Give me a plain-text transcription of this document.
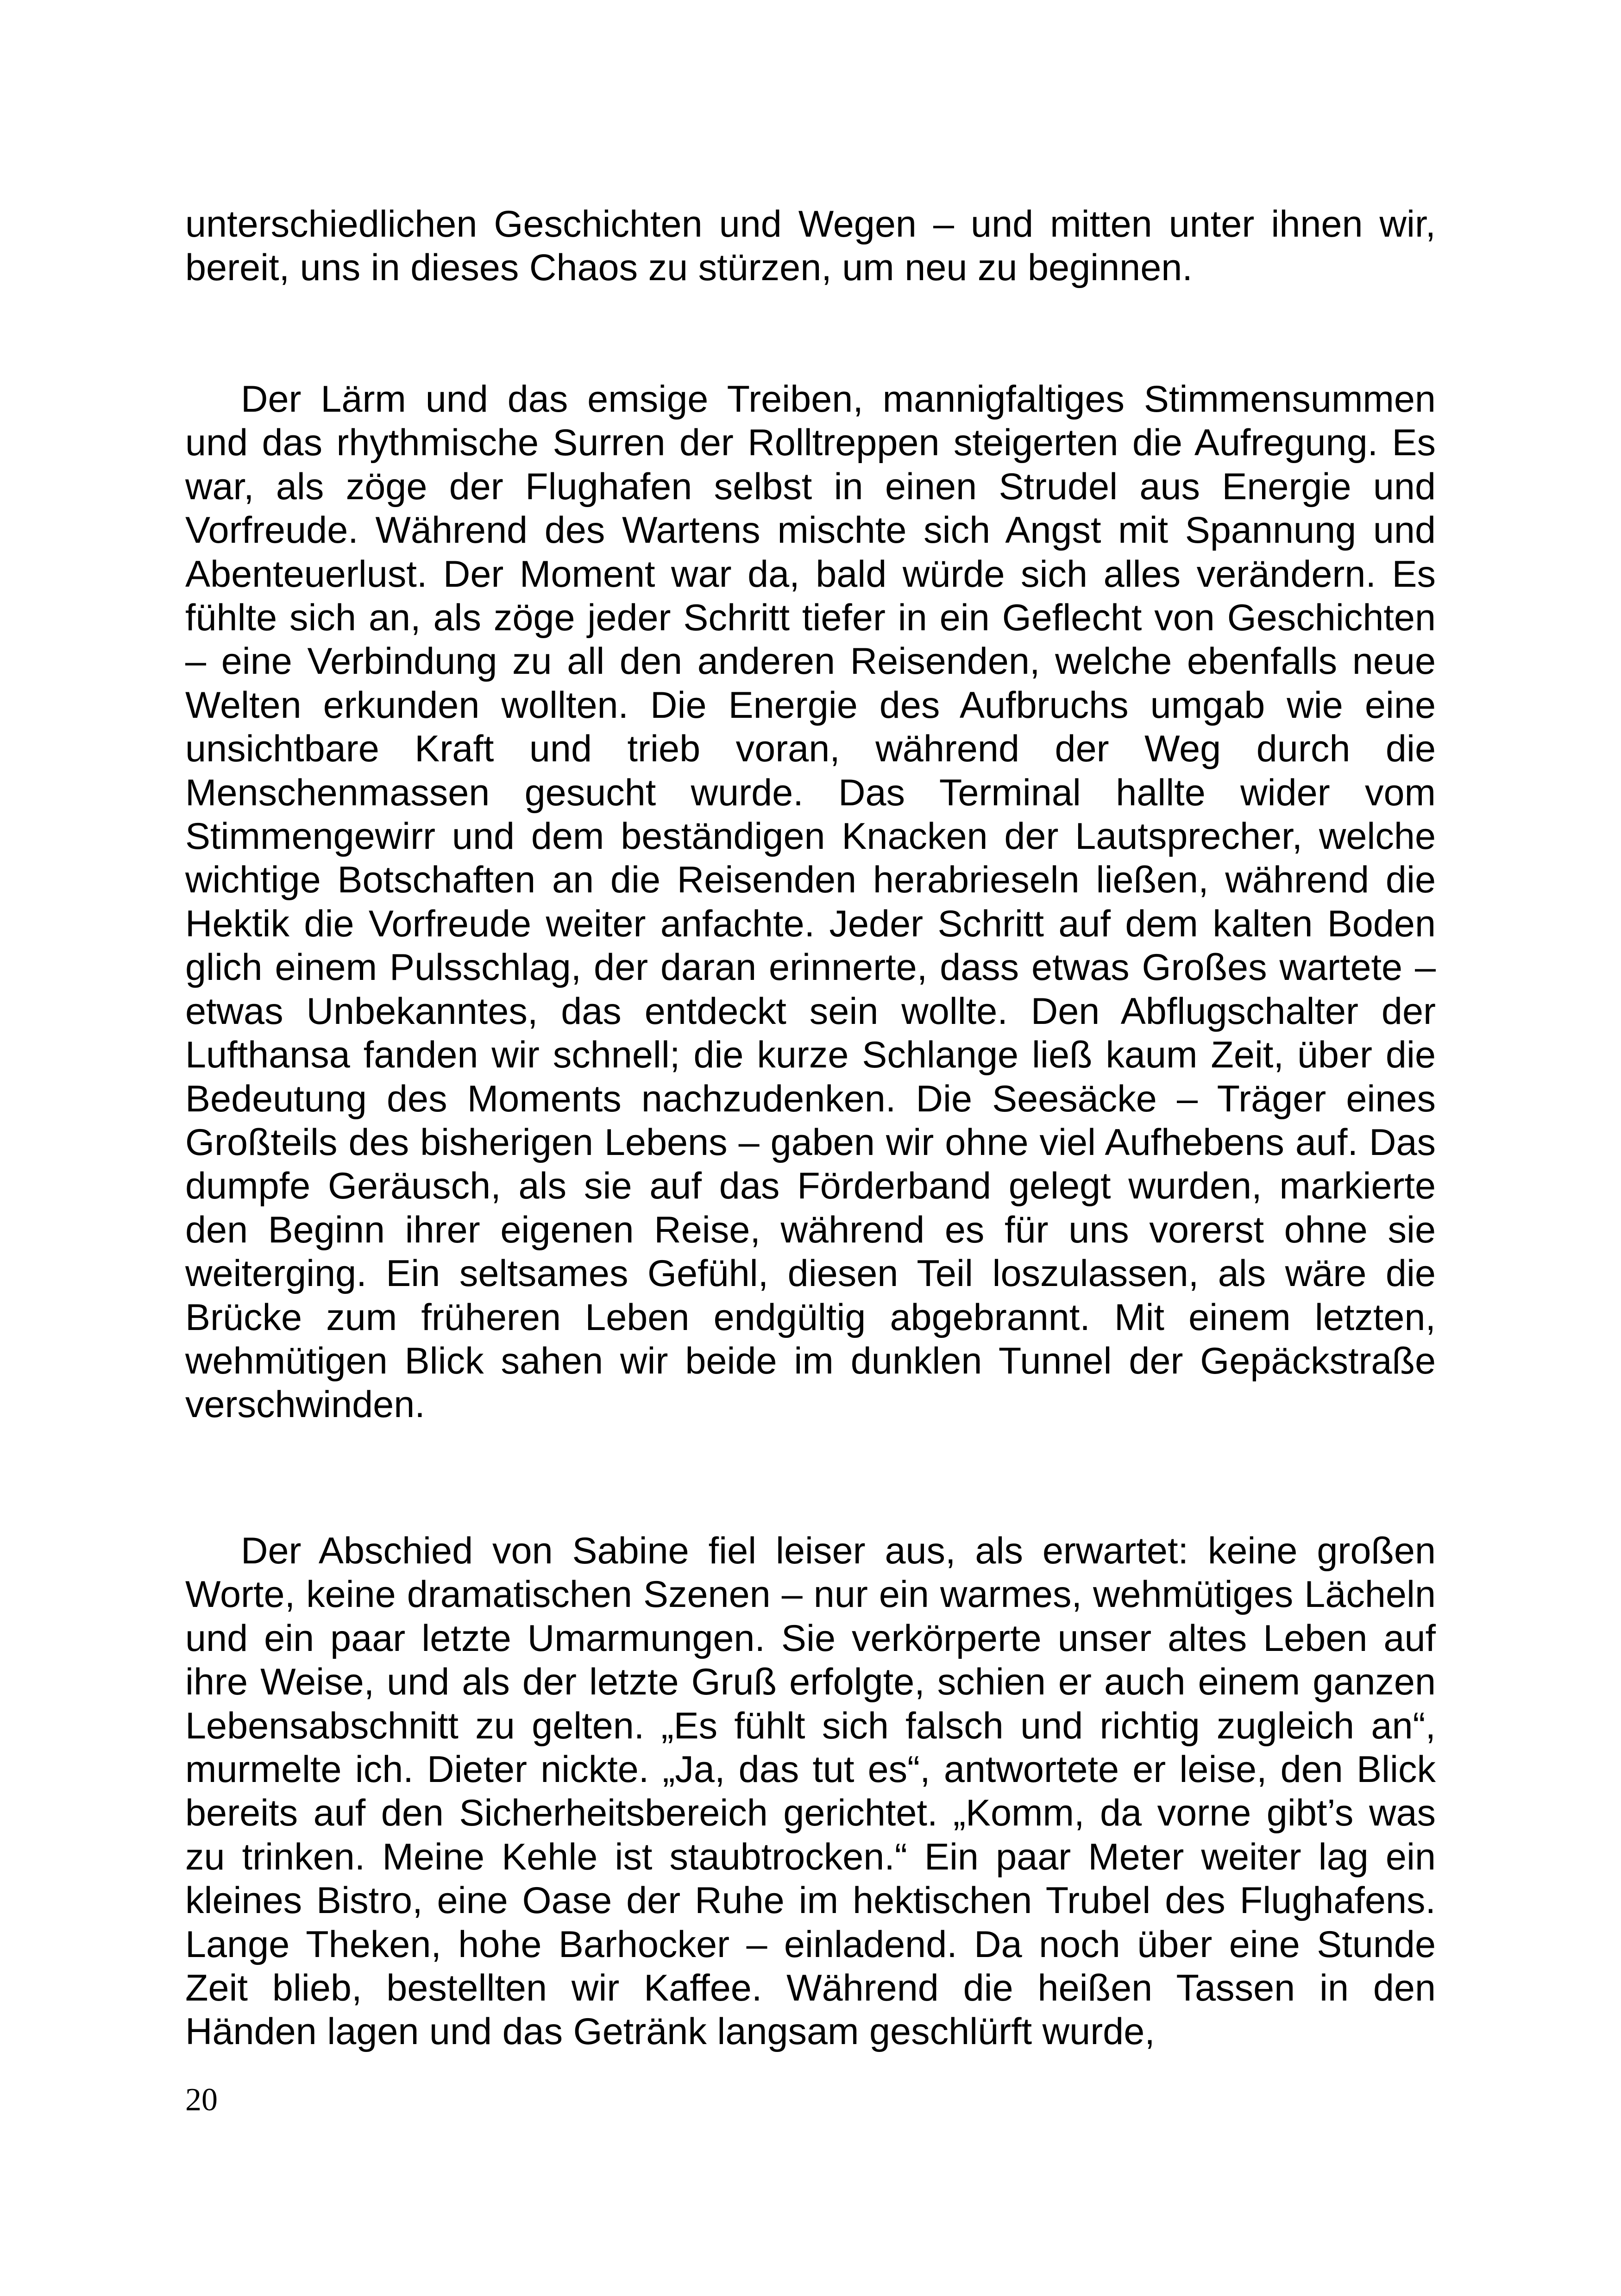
unterschiedlichen Geschichten und Wegen – und mitten unter ihnen wir, bereit, uns in dieses Chaos zu stürzen, um neu zu beginnen.

Der Lärm und das emsige Treiben, mannigfaltiges Stimmensummen und das rhythmische Surren der Rolltreppen steigerten die Aufregung. Es war, als zöge der Flughafen selbst in einen Strudel aus Energie und Vorfreude. Während des Wartens mischte sich Angst mit Spannung und Abenteuerlust. Der Moment war da, bald würde sich alles verändern. Es fühlte sich an, als zöge jeder Schritt tiefer in ein Geflecht von Geschichten – eine Verbindung zu all den anderen Reisenden, welche ebenfalls neue Welten erkunden wollten. Die Energie des Aufbruchs umgab wie eine unsichtbare Kraft und trieb voran, während der Weg durch die Menschenmassen gesucht wurde. Das Terminal hallte wider vom Stimmengewirr und dem beständigen Knacken der Lautsprecher, welche wichtige Botschaften an die Reisenden herabrieseln ließen, während die Hektik die Vorfreude weiter anfachte. Jeder Schritt auf dem kalten Boden glich einem Pulsschlag, der daran erinnerte, dass etwas Großes wartete – etwas Unbekanntes, das entdeckt sein wollte. Den Abflugschalter der Lufthansa fanden wir schnell; die kurze Schlange ließ kaum Zeit, über die Bedeutung des Moments nachzudenken. Die Seesäcke – Träger eines Großteils des bisherigen Lebens – gaben wir ohne viel Aufhebens auf. Das dumpfe Geräusch, als sie auf das Förderband gelegt wurden, markierte den Beginn ihrer eigenen Reise, während es für uns vorerst ohne sie weiterging. Ein seltsames Gefühl, diesen Teil loszulassen, als wäre die Brücke zum früheren Leben endgültig abgebrannt. Mit einem letzten, wehmütigen Blick sahen wir beide im dunklen Tunnel der Gepäckstraße verschwinden.

Der Abschied von Sabine fiel leiser aus, als erwartet: keine großen Worte, keine dramatischen Szenen – nur ein warmes, wehmütiges Lächeln und ein paar letzte Umarmungen. Sie verkörperte unser altes Leben auf ihre Weise, und als der letzte Gruß erfolgte, schien er auch einem ganzen Lebensabschnitt zu gelten. „Es fühlt sich falsch und richtig zugleich an“, murmelte ich. Dieter nickte. „Ja, das tut es“, antwortete er leise, den Blick bereits auf den Sicherheitsbereich gerichtet. „Komm, da vorne gibt’s was zu trinken. Meine Kehle ist staubtrocken.“ Ein paar Meter weiter lag ein kleines Bistro, eine Oase der Ruhe im hektischen Trubel des Flughafens. Lange Theken, hohe Barhocker – einladend. Da noch über eine Stunde Zeit blieb, bestellten wir Kaffee. Während die heißen Tassen in den Händen lagen und das Getränk langsam geschlürft wurde,

20
